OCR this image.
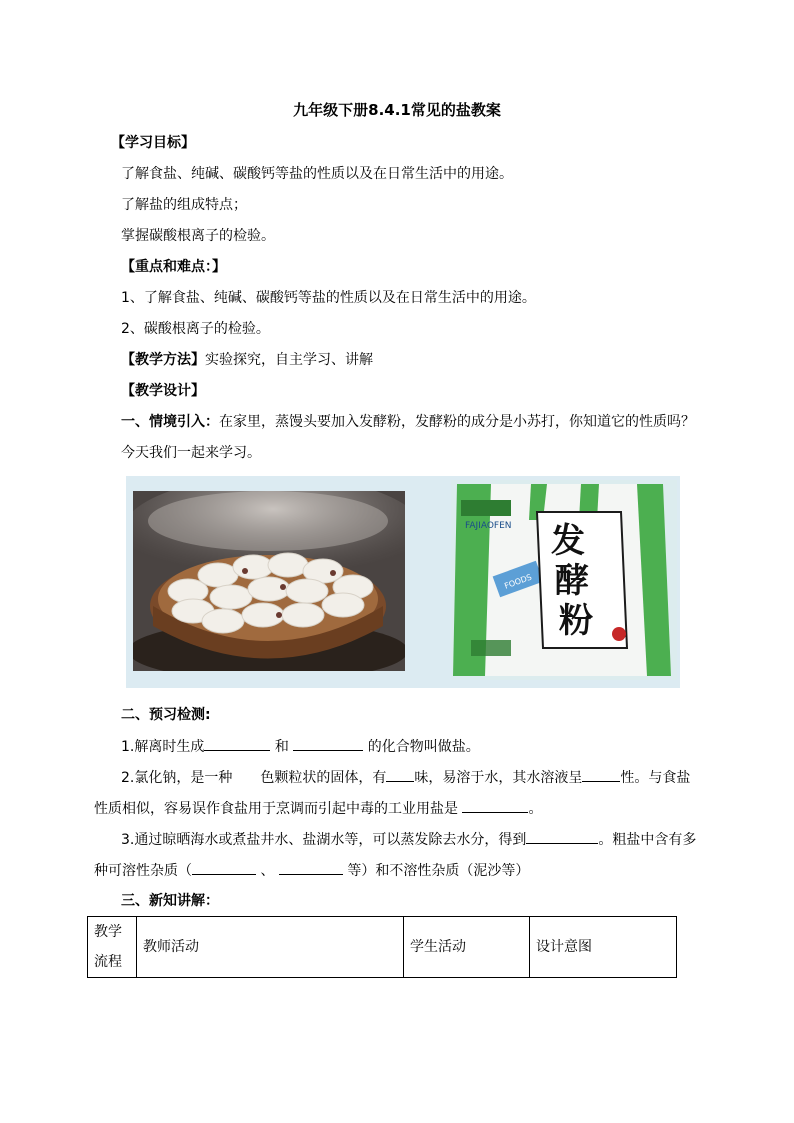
九年级下册8.4.1常见的盐教案
【学习目标】
了解食盐、纯碱、碳酸钙等盐的性质以及在日常生活中的用途。
了解盐的组成特点；
掌握碳酸根离子的检验。
【重点和难点：】
1、了解食盐、纯碱、碳酸钙等盐的性质以及在日常生活中的用途。
2、碳酸根离子的检验。
【教学方法】实验探究，自主学习、讲解
【教学设计】
一、情境引入：在家里，蒸馒头要加入发酵粉，发酵粉的成分是小苏打，你知道它的性质吗？
今天我们一起来学习。
FAJIAOFEN
FOODS
发
酵
粉
二、预习检测:
1.解离时生成	和	的化合物叫做盐。
2.氯化钠，是一种 色颗粒状的固体，有 味，易溶于水，其水溶液呈	性。与食盐
性质相似，容易误作食盐用于烹调而引起中毒的工业用盐是	。
3.通过晾晒海水或煮盐井水、盐湖水等，可以蒸发除去水分，得到	。粗盐中含有多
种可溶性杂质（	、	等）和不溶性杂质（泥沙等）
三、新知讲解：
教学流程	教师活动	学生活动	设计意图
